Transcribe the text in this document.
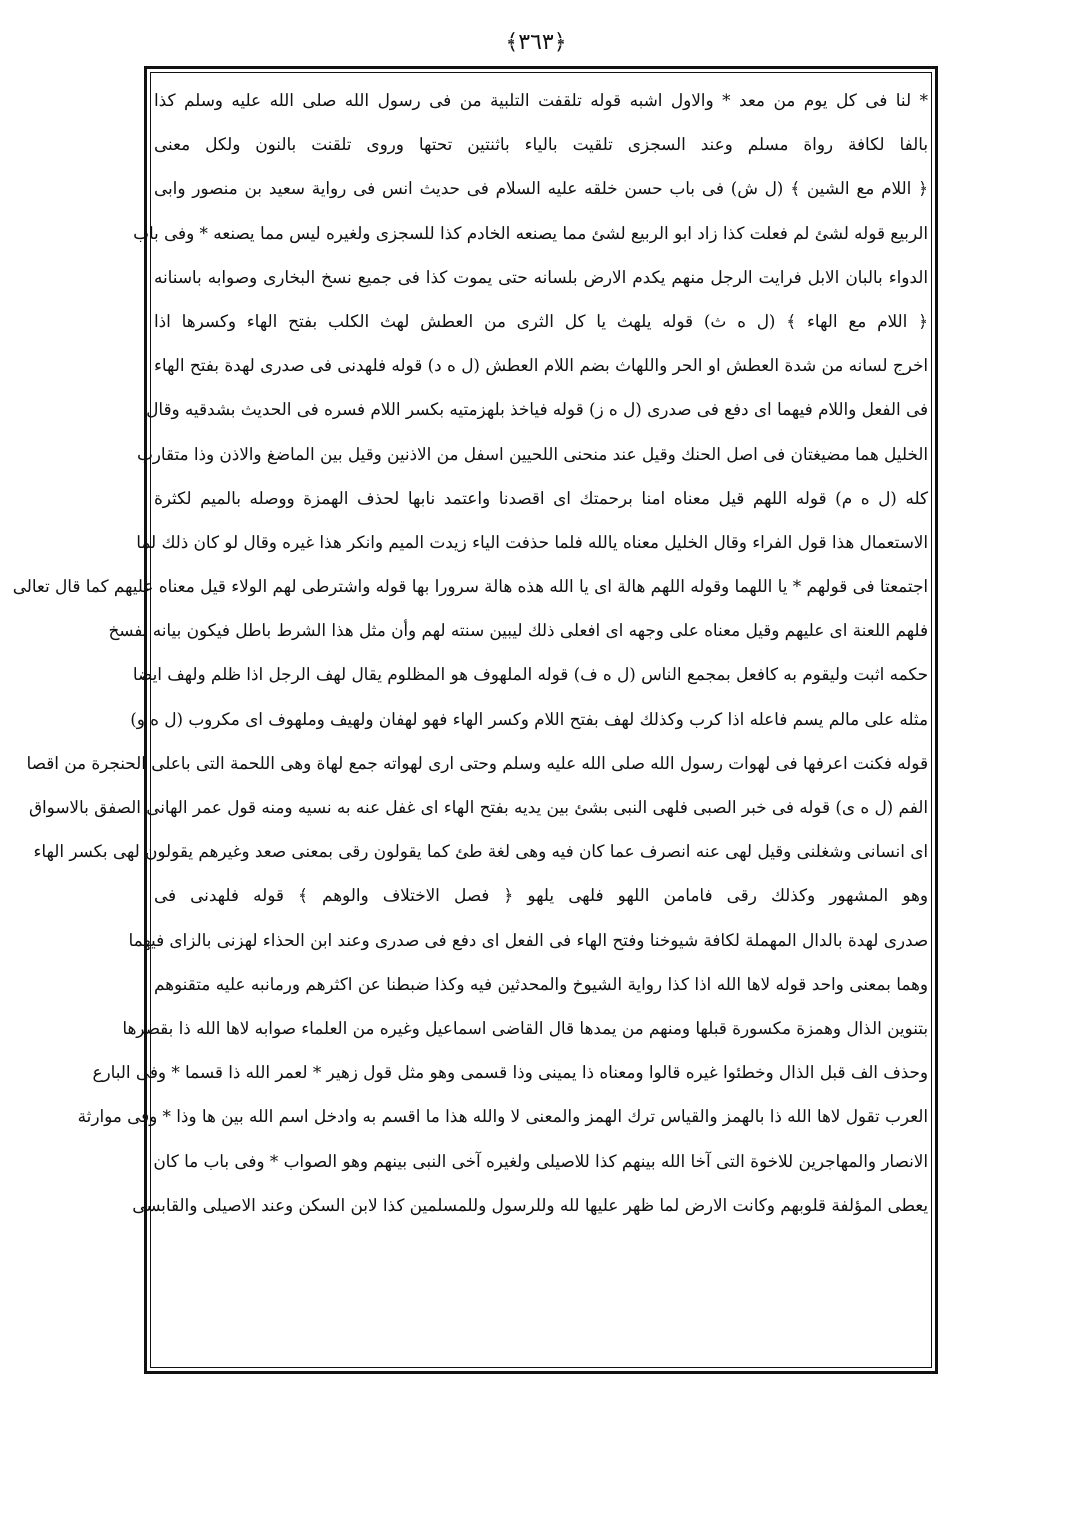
﴿٣٦٣﴾
* لنا فى كل يوم من معد * والاول اشبه قوله تلقفت التلبية من فى رسول الله صلى الله عليه وسلم كذا
بالفا لكافة رواة مسلم وعند السجزى تلقيت بالياء باثنتين تحتها وروى تلقنت بالنون ولكل معنى
﴿ اللام مع الشين ﴾ (ل ش) فى باب حسن خلقه عليه السلام فى حديث انس فى رواية سعيد بن منصور وابى
الربيع قوله لشئ لم فعلت كذا زاد ابو الربيع لشئ مما يصنعه الخادم كذا للسجزى ولغيره ليس مما يصنعه * وفى باب
الدواء بالبان الابل فرايت الرجل منهم يكدم الارض بلسانه حتى يموت كذا فى جميع نسخ البخارى وصوابه باسنانه
﴿ اللام مع الهاء ﴾ (ل ه ث) قوله يلهث يا كل الثرى من العطش لهث الكلب بفتح الهاء وكسرها اذا
اخرج لسانه من شدة العطش او الحر واللهاث بضم اللام العطش (ل ه د) قوله فلهدنى فى صدرى لهدة بفتح الهاء
فى الفعل واللام فيهما اى دفع فى صدرى (ل ه ز) قوله فياخذ بلهزمتيه بكسر اللام فسره فى الحديث بشدقيه وقال
الخليل هما مضيغتان فى اصل الحنك وقيل عند منحنى اللحيين اسفل من الاذنين وقيل بين الماضغ والاذن وذا متقارب
كله (ل ه م) قوله اللهم قيل معناه امنا برحمتك اى اقصدنا واعتمد نابها لحذف الهمزة ووصله بالميم لكثرة
الاستعمال هذا قول الفراء وقال الخليل معناه يالله فلما حذفت الياء زيدت الميم وانكر هذا غيره وقال لو كان ذلك لما
اجتمعتا فى قولهم * يا اللهما وقوله اللهم هالة اى يا الله هذه هالة سرورا بها قوله واشترطى لهم الولاء قيل معناه عليهم كما قال تعالى
فلهم اللعنة اى عليهم وقيل معناه على وجهه اى افعلى ذلك ليبين سنته لهم وأن مثل هذا الشرط باطل فيكون بيانه بفسخ
حكمه اثبت وليقوم به كافعل بمجمع الناس (ل ه ف) قوله الملهوف هو المظلوم يقال لهف الرجل اذا ظلم ولهف ايضا
مثله على مالم يسم فاعله اذا كرب وكذلك لهف بفتح اللام وكسر الهاء فهو لهفان ولهيف وملهوف اى مكروب (ل ه و)
قوله فكنت اعرفها فى لهوات رسول الله صلى الله عليه وسلم وحتى ارى لهواته جمع لهاة وهى اللحمة التى باعلى الحنجرة من اقصا
الفم (ل ه ى) قوله فى خبر الصبى فلهى النبى بشئ بين يديه بفتح الهاء اى غفل عنه به نسيه ومنه قول عمر الهانى الصفق بالاسواق
اى انسانى وشغلنى وقيل لهى عنه انصرف عما كان فيه وهى لغة طئ كما يقولون رقى بمعنى صعد وغيرهم يقولون لهى بكسر الهاء
وهو المشهور وكذلك رقى فامامن اللهو فلهى يلهو ﴿ فصل الاختلاف والوهم ﴾ قوله فلهدنى فى
صدرى لهدة بالدال المهملة لكافة شيوخنا وفتح الهاء فى الفعل اى دفع فى صدرى وعند ابن الحذاء لهزنى بالزاى فيهما
وهما بمعنى واحد قوله لاها الله اذا كذا رواية الشيوخ والمحدثين فيه وكذا ضبطنا عن اكثرهم ورمانبه عليه متقنوهم
بتنوين الذال وهمزة مكسورة قبلها ومنهم من يمدها قال القاضى اسماعيل وغيره من العلماء صوابه لاها الله ذا بقصرها
وحذف الف قبل الذال وخطئوا غيره قالوا ومعناه ذا يمينى وذا قسمى وهو مثل قول زهير * لعمر الله ذا قسما * وفى البارع
العرب تقول لاها الله ذا بالهمز والقياس ترك الهمز والمعنى لا والله هذا ما اقسم به وادخل اسم الله بين ها وذا * وفى موارثة
الانصار والمهاجرين للاخوة التى آخا الله بينهم كذا للاصيلى ولغيره آخى النبى بينهم وهو الصواب * وفى باب ما كان
يعطى المؤلفة قلوبهم وكانت الارض لما ظهر عليها لله وللرسول وللمسلمين كذا لابن السكن وعند الاصيلى والقابسى
